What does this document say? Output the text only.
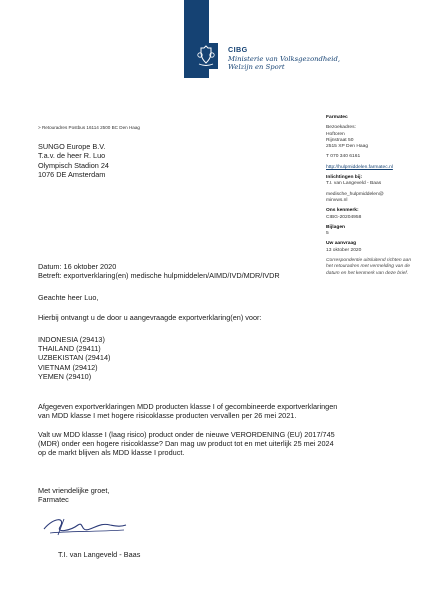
CIBG
Ministerie van Volksgezondheid,
Welzijn en Sport
> Retouradres Postbus 16114 2500 BC Den Haag
SUNGO Europe B.V.
T.a.v. de heer R. Luo
Olympisch Stadion 24
1076 DE Amsterdam
Farmatec
Bezoekadres:
Hoftoren
Rijnstraat 50
2515 XP Den Haag
T 070 340 6161
http://hulpmiddelen.farmatec.nl
Inlichtingen bij:
T.I. van Langeveld - Baas
medische_hulpmiddelen@
minvws.nl
Ons kenmerk:
CIBG-20204958
Bijlagen
5
Uw aanvraag
13 oktober 2020
Correspondentie uitsluitend richten aan het retouradres met vermelding van de datum en het kenmerk van deze brief.
Datum: 16 oktober 2020
Betreft: exportverklaring(en) medische hulpmiddelen/AIMD/IVD/MDR/IVDR
Geachte heer Luo,
Hierbij ontvangt u de door u aangevraagde exportverklaring(en) voor:
INDONESIA (29413)
THAILAND (29411)
UZBEKISTAN (29414)
VIETNAM (29412)
YEMEN (29410)
Afgegeven exportverklaringen MDD producten klasse I of gecombineerde exportverklaringen van MDD klasse I met hogere risicoklasse producten vervallen per 26 mei 2021.
Valt uw MDD klasse I (laag risico) product onder de nieuwe VERORDENING (EU) 2017/745 (MDR) onder een hogere risicoklasse? Dan mag uw product tot en met uiterlijk 25 mei 2024 op de markt blijven als MDD klasse I product.
Met vriendelijke groet,
Farmatec
T.I. van Langeveld - Baas
